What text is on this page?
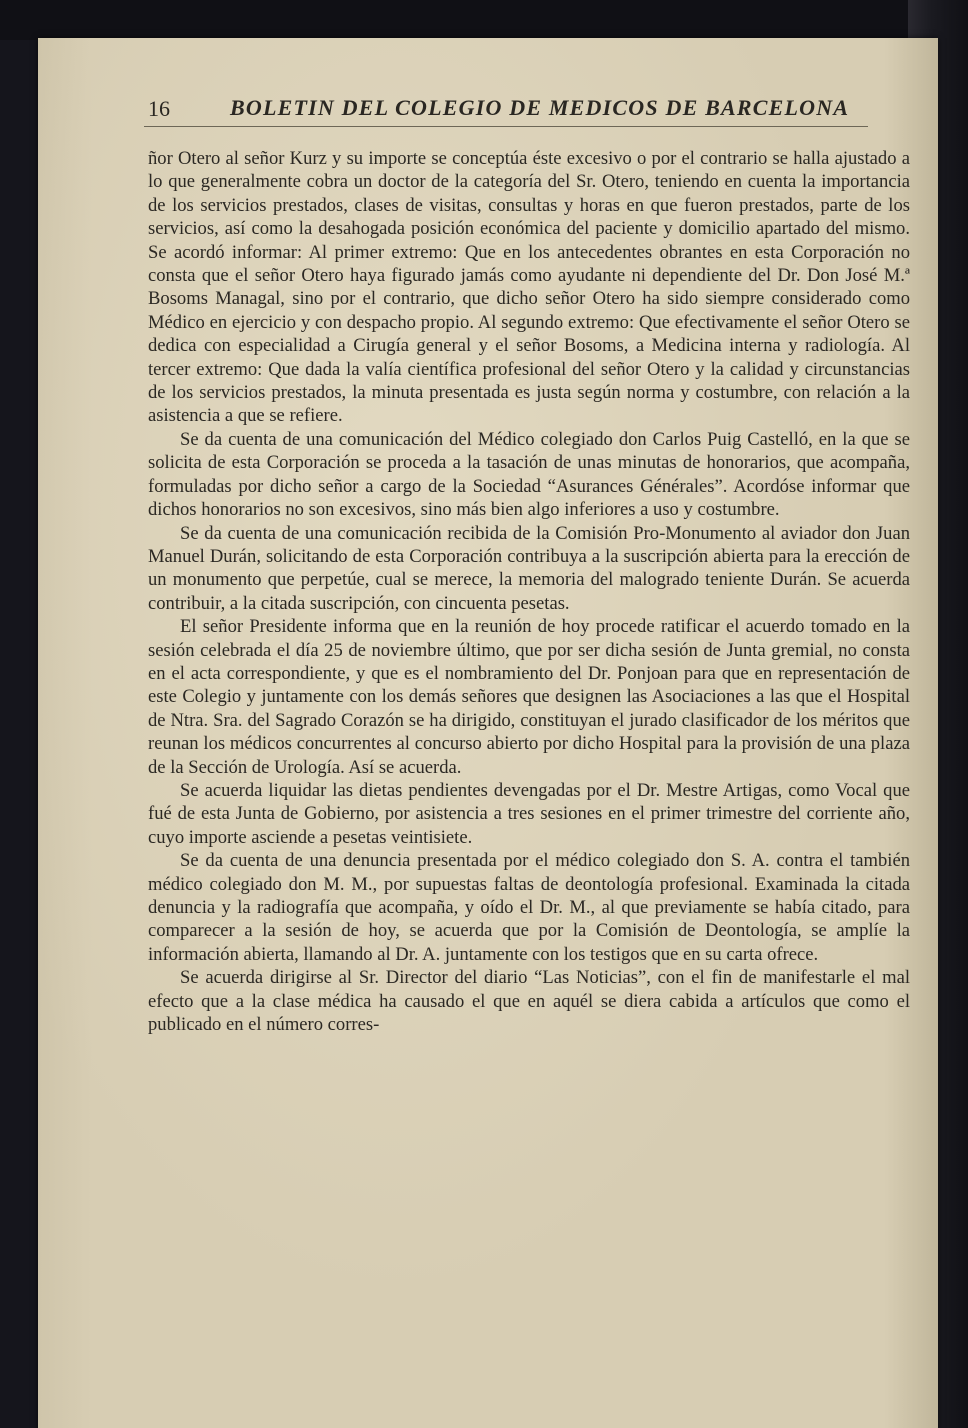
16	BOLETIN DEL COLEGIO DE MEDICOS DE BARCELONA

ñor Otero al señor Kurz y su importe se conceptúa éste excesivo o por el contrario se halla ajustado a lo que generalmente cobra un doctor de la categoría del Sr. Otero, teniendo en cuenta la importancia de los servicios prestados, clases de visitas, consultas y horas en que fueron prestados, parte de los servicios, así como la desahogada posición económica del paciente y domicilio apartado del mismo. Se acordó informar: Al primer extremo: Que en los antecedentes obrantes en esta Corporación no consta que el señor Otero haya figurado jamás como ayudante ni dependiente del Dr. Don José M.ª Bosoms Managal, sino por el contrario, que dicho señor Otero ha sido siempre considerado como Médico en ejercicio y con despacho propio. Al segundo extremo: Que efectivamente el señor Otero se dedica con especialidad a Cirugía general y el señor Bosoms, a Medicina interna y radiología. Al tercer extremo: Que dada la valía científica profesional del señor Otero y la calidad y circunstancias de los servicios prestados, la minuta presentada es justa según norma y costumbre, con relación a la asistencia a que se refiere.

Se da cuenta de una comunicación del Médico colegiado don Carlos Puig Castelló, en la que se solicita de esta Corporación se proceda a la tasación de unas minutas de honorarios, que acompaña, formuladas por dicho señor a cargo de la Sociedad “Asurances Générales”. Acordóse informar que dichos honorarios no son excesivos, sino más bien algo inferiores a uso y costumbre.

Se da cuenta de una comunicación recibida de la Comisión Pro-Monumento al aviador don Juan Manuel Durán, solicitando de esta Corporación contribuya a la suscripción abierta para la erección de un monumento que perpetúe, cual se merece, la memoria del malogrado teniente Durán. Se acuerda contribuir, a la citada suscripción, con cincuenta pesetas.

El señor Presidente informa que en la reunión de hoy procede ratificar el acuerdo tomado en la sesión celebrada el día 25 de noviembre último, que por ser dicha sesión de Junta gremial, no consta en el acta correspondiente, y que es el nombramiento del Dr. Ponjoan para que en representación de este Colegio y juntamente con los demás señores que designen las Asociaciones a las que el Hospital de Ntra. Sra. del Sagrado Corazón se ha dirigido, constituyan el jurado clasificador de los méritos que reunan los médicos concurrentes al concurso abierto por dicho Hospital para la provisión de una plaza de la Sección de Urología. Así se acuerda.

Se acuerda liquidar las dietas pendientes devengadas por el Dr. Mestre Artigas, como Vocal que fué de esta Junta de Gobierno, por asistencia a tres sesiones en el primer trimestre del corriente año, cuyo importe asciende a pesetas veintisiete.

Se da cuenta de una denuncia presentada por el médico colegiado don S. A. contra el también médico colegiado don M. M., por supuestas faltas de deontología profesional. Examinada la citada denuncia y la radiografía que acompaña, y oído el Dr. M., al que previamente se había citado, para comparecer a la sesión de hoy, se acuerda que por la Comisión de Deontología, se amplíe la información abierta, llamando al Dr. A. juntamente con los testigos que en su carta ofrece.

Se acuerda dirigirse al Sr. Director del diario “Las Noticias”, con el fin de manifestarle el mal efecto que a la clase médica ha causado el que en aquél se diera cabida a artículos que como el publicado en el número corres-
